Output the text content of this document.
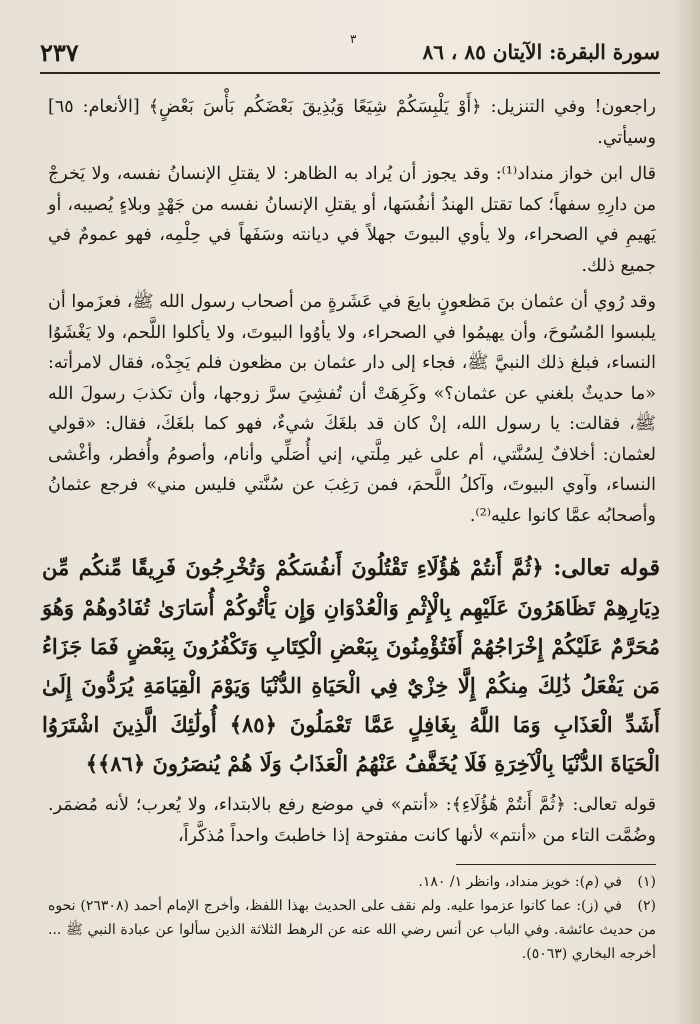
سورة البقرة: الآيتان ٨٥ ، ٨٦
٣
٢٣٧

راجعون! وفي التنزيل: ﴿أَوْ يَلْبِسَكُمْ شِيَعًا وَيُذِيقَ بَعْضَكُم بَأْسَ بَعْضٍ﴾ [الأنعام: ٦٥] وسيأتي.

قال ابن خواز منداد⁽¹⁾: وقد يجوز أن يُراد به الظاهر: لا يقتلِ الإنسانُ نفسه، ولا يَخرجْ من دارِهِ سفهاً؛ كما تقتل الهندُ أنفُسَها، أو يقتلِ الإنسانُ نفسه من جَهْدٍ وبلاءٍ يُصيبه، أو يَهيمِ في الصحراء، ولا يأوي البيوتَ جهلاً في ديانته وسَفَهاً في حِلْمِه، فهو عمومٌ في جميع ذلك.

وقد رُوي أن عثمان بنَ مَظعونٍ بايعَ في عَشَرةٍ من أصحاب رسول الله ﷺ، فعزَموا أن يلبسوا المُسُوحَ، وأن يهيمُوا في الصحراء، ولا يأوُوا البيوتَ، ولا يأكلوا اللَّحم، ولا يَغْشَوُا النساء، فبلغ ذلك النبيَّ ﷺ، فجاء إلى دار عثمان بن مظعون فلم يَجِدْه، فقال لامرأته: «ما حديثٌ بلغني عن عثمان؟» وكَرِهَتْ أن تُفشِيَ سرَّ زوجها، وأن تكذبَ رسولَ الله ﷺ، فقالت: يا رسول الله، إنْ كان قد بلغَكَ شيءٌ، فهو كما بلغَكَ، فقال: «قولي لعثمان: أخلافٌ لِسُنَّتي، أم على غير مِلَّتي، إني أُصَلِّي وأنام، وأصومُ وأُفطر، وأغْشى النساء، وآوي البيوتَ، وآكلُ اللَّحمَ، فمن رَغِبَ عن سُنَّتي فليس مني» فرجع عثمانُ وأصحابُه عمَّا كانوا عليه⁽²⁾.

قوله تعالى: ﴿ثُمَّ أَنتُمْ هَٰؤُلَاءِ تَقْتُلُونَ أَنفُسَكُمْ وَتُخْرِجُونَ فَرِيقًا مِّنكُم مِّن دِيَارِهِمْ تَظَاهَرُونَ عَلَيْهِم بِالْإِثْمِ وَالْعُدْوَانِ وَإِن يَأْتُوكُمْ أُسَارَىٰ تُفَادُوهُمْ وَهُوَ مُحَرَّمٌ عَلَيْكُمْ إِخْرَاجُهُمْ أَفَتُؤْمِنُونَ بِبَعْضِ الْكِتَابِ وَتَكْفُرُونَ بِبَعْضٍ فَمَا جَزَاءُ مَن يَفْعَلُ ذَٰلِكَ مِنكُمْ إِلَّا خِزْيٌ فِي الْحَيَاةِ الدُّنْيَا وَيَوْمَ الْقِيَامَةِ يُرَدُّونَ إِلَىٰ أَشَدِّ الْعَذَابِ وَمَا اللَّهُ بِغَافِلٍ عَمَّا تَعْمَلُونَ ﴿٨٥﴾ أُولَٰئِكَ الَّذِينَ اشْتَرَوُا الْحَيَاةَ الدُّنْيَا بِالْآخِرَةِ فَلَا يُخَفَّفُ عَنْهُمُ الْعَذَابُ وَلَا هُمْ يُنصَرُونَ ﴿٨٦﴾﴾
قوله تعالى: ﴿ثُمَّ أَنتُمْ هَٰؤُلَاءِ﴾: «أنتم» في موضع رفع بالابتداء، ولا يُعرب؛ لأنه مُضمَر. وضُمَّت التاء من «أنتم» لأنها كانت مفتوحة إذا خاطبتَ واحداً مُذكَّراً،

(١)في (م): خويز منداد، وانظر ١/ ١٨٠.

(٢)في (ز): عما كانوا عزموا عليه. ولم نقف على الحديث بهذا اللفظ، وأخرج الإمام أحمد (٢٦٣٠٨) نحوه من حديث عائشة. وفي الباب عن أنس رضي الله عنه عن الرهط الثلاثة الذين سألوا عن عبادة النبي ﷺ ... أخرجه البخاري (٥٠٦٣).
